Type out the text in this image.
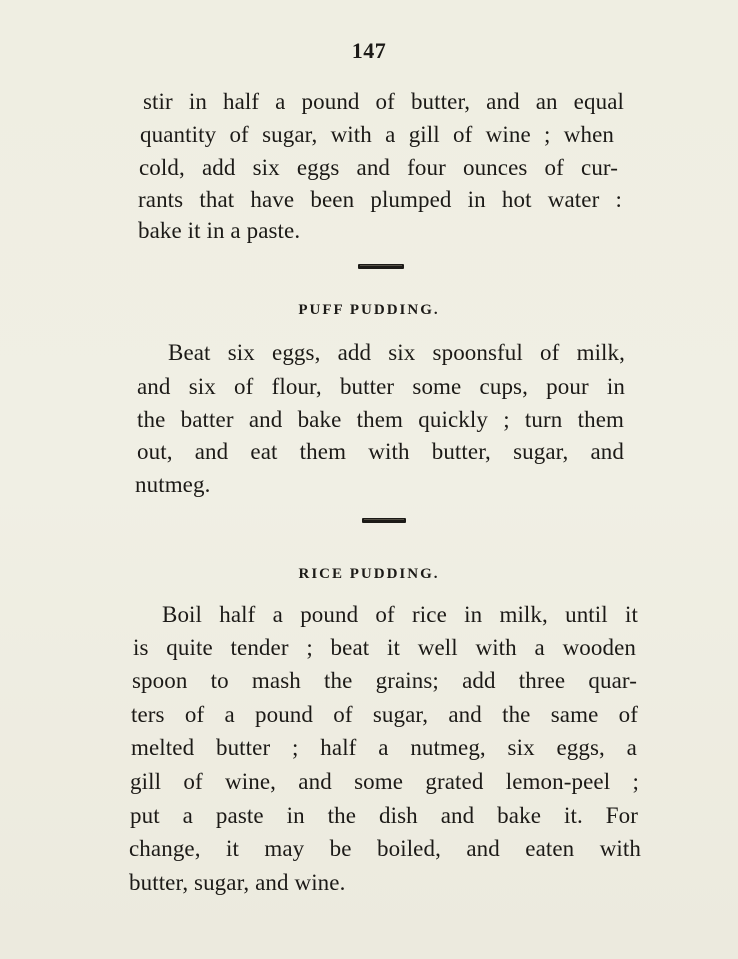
147
stir in half a pound of butter, and an equal
quantity of sugar, with a gill of wine ; when
cold, add six eggs and four ounces of cur-
rants that have been plumped in hot water :
bake it in a paste.
PUFF PUDDING.
Beat six eggs, add six spoonsful of milk,
and six of flour, butter some cups, pour in
the batter and bake them quickly ; turn them
out, and eat them with butter, sugar, and
nutmeg.
RICE PUDDING.
Boil half a pound of rice in milk, until it
is quite tender ; beat it well with a wooden
spoon to mash the grains; add three quar-
ters of a pound of sugar, and the same of
melted butter ; half a nutmeg, six eggs, a
gill of wine, and some grated lemon-peel ;
put a paste in the dish and bake it. For
change, it may be boiled, and eaten with
butter, sugar, and wine.
